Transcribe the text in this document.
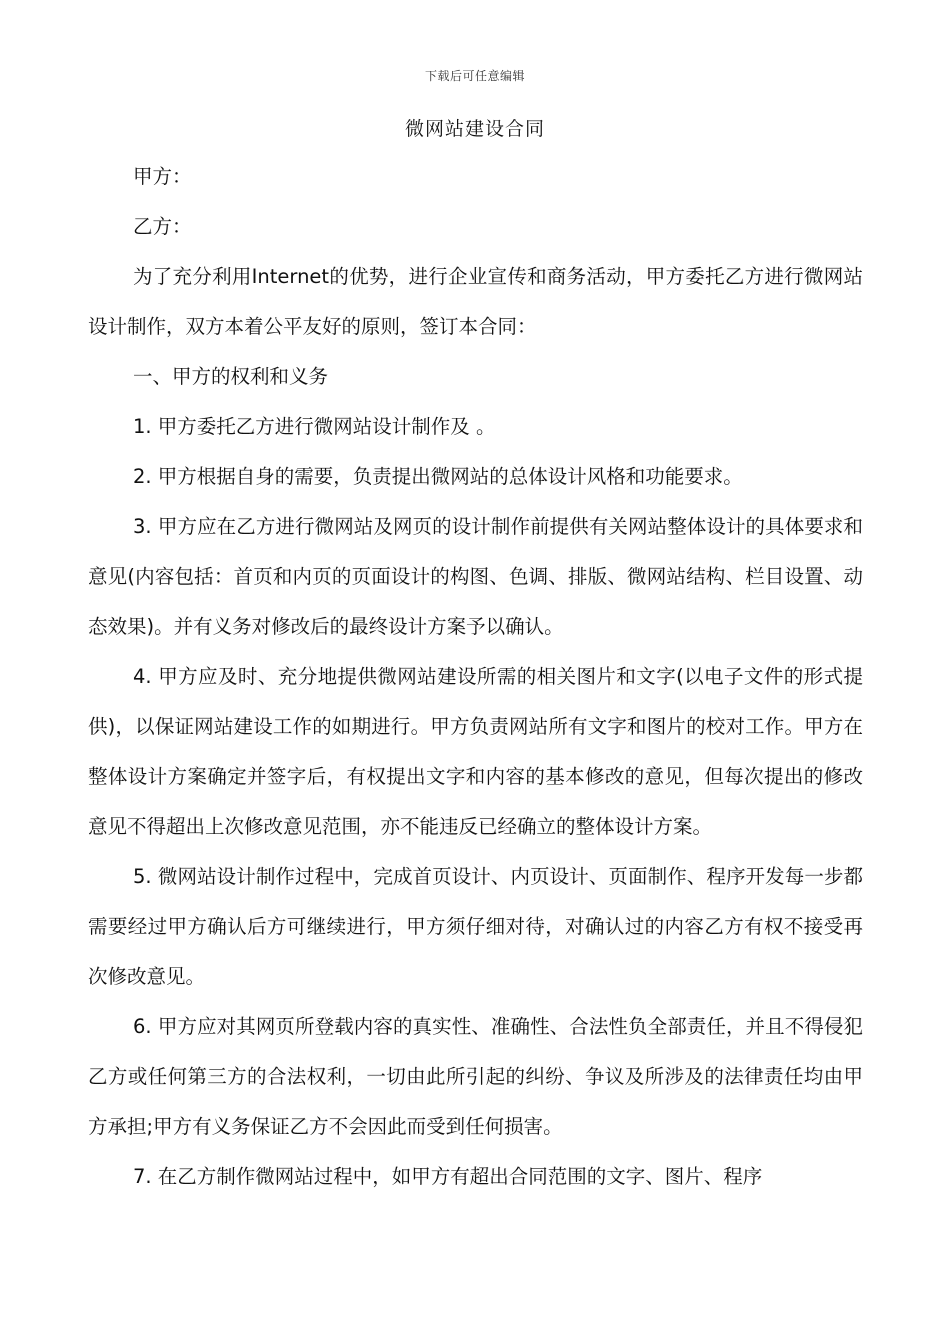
下载后可任意编辑
微网站建设合同

甲方：

乙方：

为了充分利用Internet的优势，进行企业宣传和商务活动，甲方委托乙方进行微网站设计制作，双方本着公平友好的原则，签订本合同：

一、甲方的权利和义务

1. 甲方委托乙方进行微网站设计制作及 。

2. 甲方根据自身的需要，负责提出微网站的总体设计风格和功能要求。

3. 甲方应在乙方进行微网站及网页的设计制作前提供有关网站整体设计的具体要求和意见(内容包括：首页和内页的页面设计的构图、色调、排版、微网站结构、栏目设置、动态效果)。并有义务对修改后的最终设计方案予以确认。

4. 甲方应及时、充分地提供微网站建设所需的相关图片和文字(以电子文件的形式提供)，以保证网站建设工作的如期进行。甲方负责网站所有文字和图片的校对工作。甲方在整体设计方案确定并签字后，有权提出文字和内容的基本修改的意见，但每次提出的修改意见不得超出上次修改意见范围，亦不能违反已经确立的整体设计方案。

5. 微网站设计制作过程中，完成首页设计、内页设计、页面制作、程序开发每一步都需要经过甲方确认后方可继续进行，甲方须仔细对待，对确认过的内容乙方有权不接受再次修改意见。

6. 甲方应对其网页所登载内容的真实性、准确性、合法性负全部责任，并且不得侵犯乙方或任何第三方的合法权利，一切由此所引起的纠纷、争议及所涉及的法律责任均由甲方承担;甲方有义务保证乙方不会因此而受到任何损害。

7. 在乙方制作微网站过程中，如甲方有超出合同范围的文字、图片、程序
